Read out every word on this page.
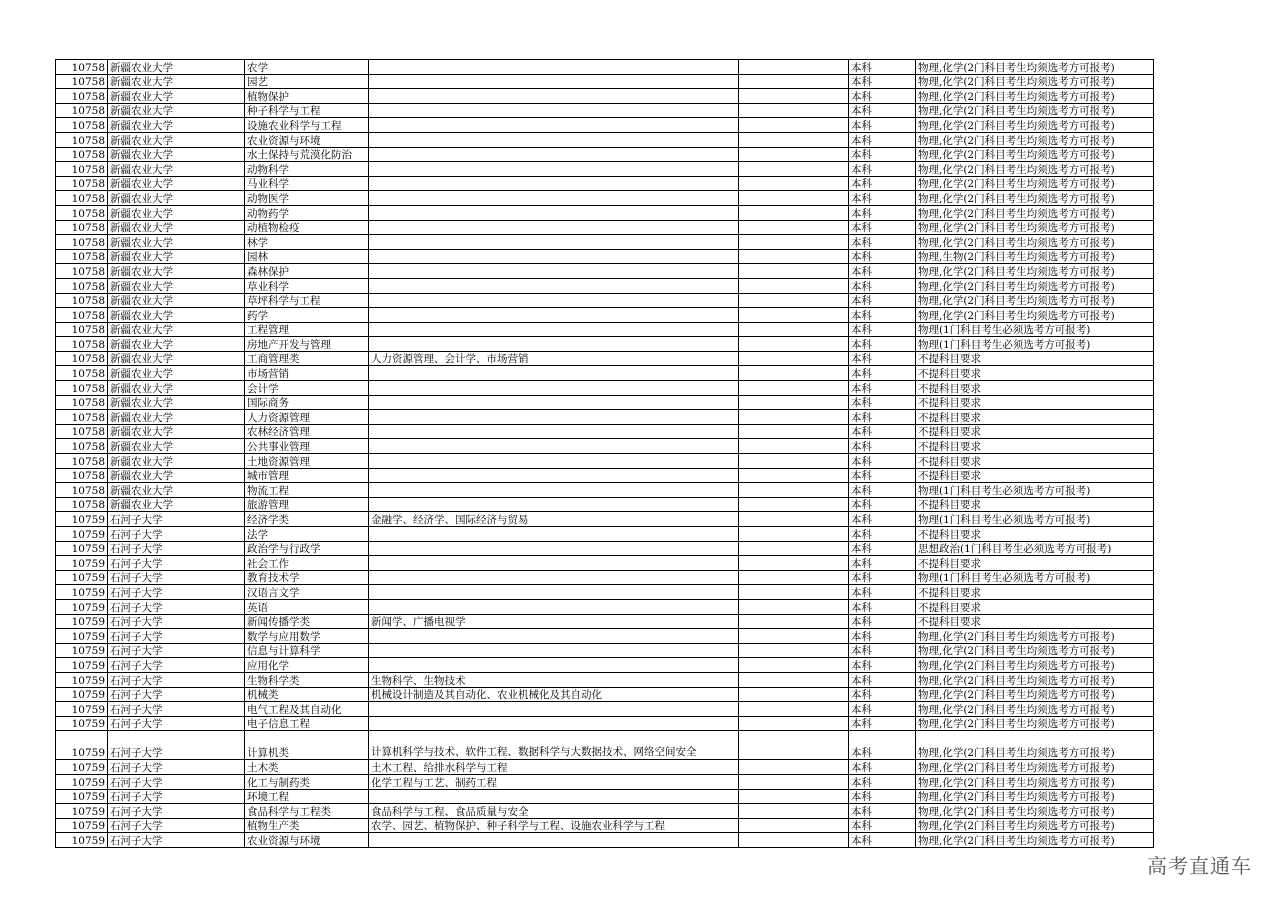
10758	新疆农业大学	农学			本科	物理,化学(2门科目考生均须选考方可报考)
10758	新疆农业大学	园艺			本科	物理,化学(2门科目考生均须选考方可报考)
10758	新疆农业大学	植物保护			本科	物理,化学(2门科目考生均须选考方可报考)
10758	新疆农业大学	种子科学与工程			本科	物理,化学(2门科目考生均须选考方可报考)
10758	新疆农业大学	设施农业科学与工程			本科	物理,化学(2门科目考生均须选考方可报考)
10758	新疆农业大学	农业资源与环境			本科	物理,化学(2门科目考生均须选考方可报考)
10758	新疆农业大学	水土保持与荒漠化防治			本科	物理,化学(2门科目考生均须选考方可报考)
10758	新疆农业大学	动物科学			本科	物理,化学(2门科目考生均须选考方可报考)
10758	新疆农业大学	马业科学			本科	物理,化学(2门科目考生均须选考方可报考)
10758	新疆农业大学	动物医学			本科	物理,化学(2门科目考生均须选考方可报考)
10758	新疆农业大学	动物药学			本科	物理,化学(2门科目考生均须选考方可报考)
10758	新疆农业大学	动植物检疫			本科	物理,化学(2门科目考生均须选考方可报考)
10758	新疆农业大学	林学			本科	物理,化学(2门科目考生均须选考方可报考)
10758	新疆农业大学	园林			本科	物理,生物(2门科目考生均须选考方可报考)
10758	新疆农业大学	森林保护			本科	物理,化学(2门科目考生均须选考方可报考)
10758	新疆农业大学	草业科学			本科	物理,化学(2门科目考生均须选考方可报考)
10758	新疆农业大学	草坪科学与工程			本科	物理,化学(2门科目考生均须选考方可报考)
10758	新疆农业大学	药学			本科	物理,化学(2门科目考生均须选考方可报考)
10758	新疆农业大学	工程管理			本科	物理(1门科目考生必须选考方可报考)
10758	新疆农业大学	房地产开发与管理			本科	物理(1门科目考生必须选考方可报考)
10758	新疆农业大学	工商管理类	人力资源管理、会计学、市场营销		本科	不提科目要求
10758	新疆农业大学	市场营销			本科	不提科目要求
10758	新疆农业大学	会计学			本科	不提科目要求
10758	新疆农业大学	国际商务			本科	不提科目要求
10758	新疆农业大学	人力资源管理			本科	不提科目要求
10758	新疆农业大学	农林经济管理			本科	不提科目要求
10758	新疆农业大学	公共事业管理			本科	不提科目要求
10758	新疆农业大学	土地资源管理			本科	不提科目要求
10758	新疆农业大学	城市管理			本科	不提科目要求
10758	新疆农业大学	物流工程			本科	物理(1门科目考生必须选考方可报考)
10758	新疆农业大学	旅游管理			本科	不提科目要求
10759	石河子大学	经济学类	金融学、经济学、国际经济与贸易		本科	物理(1门科目考生必须选考方可报考)
10759	石河子大学	法学			本科	不提科目要求
10759	石河子大学	政治学与行政学			本科	思想政治(1门科目考生必须选考方可报考)
10759	石河子大学	社会工作			本科	不提科目要求
10759	石河子大学	教育技术学			本科	物理(1门科目考生必须选考方可报考)
10759	石河子大学	汉语言文学			本科	不提科目要求
10759	石河子大学	英语			本科	不提科目要求
10759	石河子大学	新闻传播学类	新闻学、广播电视学		本科	不提科目要求
10759	石河子大学	数学与应用数学			本科	物理,化学(2门科目考生均须选考方可报考)
10759	石河子大学	信息与计算科学			本科	物理,化学(2门科目考生均须选考方可报考)
10759	石河子大学	应用化学			本科	物理,化学(2门科目考生均须选考方可报考)
10759	石河子大学	生物科学类	生物科学、生物技术		本科	物理,化学(2门科目考生均须选考方可报考)
10759	石河子大学	机械类	机械设计制造及其自动化、农业机械化及其自动化		本科	物理,化学(2门科目考生均须选考方可报考)
10759	石河子大学	电气工程及其自动化			本科	物理,化学(2门科目考生均须选考方可报考)
10759	石河子大学	电子信息工程			本科	物理,化学(2门科目考生均须选考方可报考)
10759	石河子大学	计算机类	计算机科学与技术、软件工程、数据科学与大数据技术、网络空间安全		本科	物理,化学(2门科目考生均须选考方可报考)
10759	石河子大学	土木类	土木工程、给排水科学与工程		本科	物理,化学(2门科目考生均须选考方可报考)
10759	石河子大学	化工与制药类	化学工程与工艺、制药工程		本科	物理,化学(2门科目考生均须选考方可报考)
10759	石河子大学	环境工程			本科	物理,化学(2门科目考生均须选考方可报考)
10759	石河子大学	食品科学与工程类	食品科学与工程、食品质量与安全		本科	物理,化学(2门科目考生均须选考方可报考)
10759	石河子大学	植物生产类	农学、园艺、植物保护、种子科学与工程、设施农业科学与工程		本科	物理,化学(2门科目考生均须选考方可报考)
10759	石河子大学	农业资源与环境			本科	物理,化学(2门科目考生均须选考方可报考)
高考直通车
